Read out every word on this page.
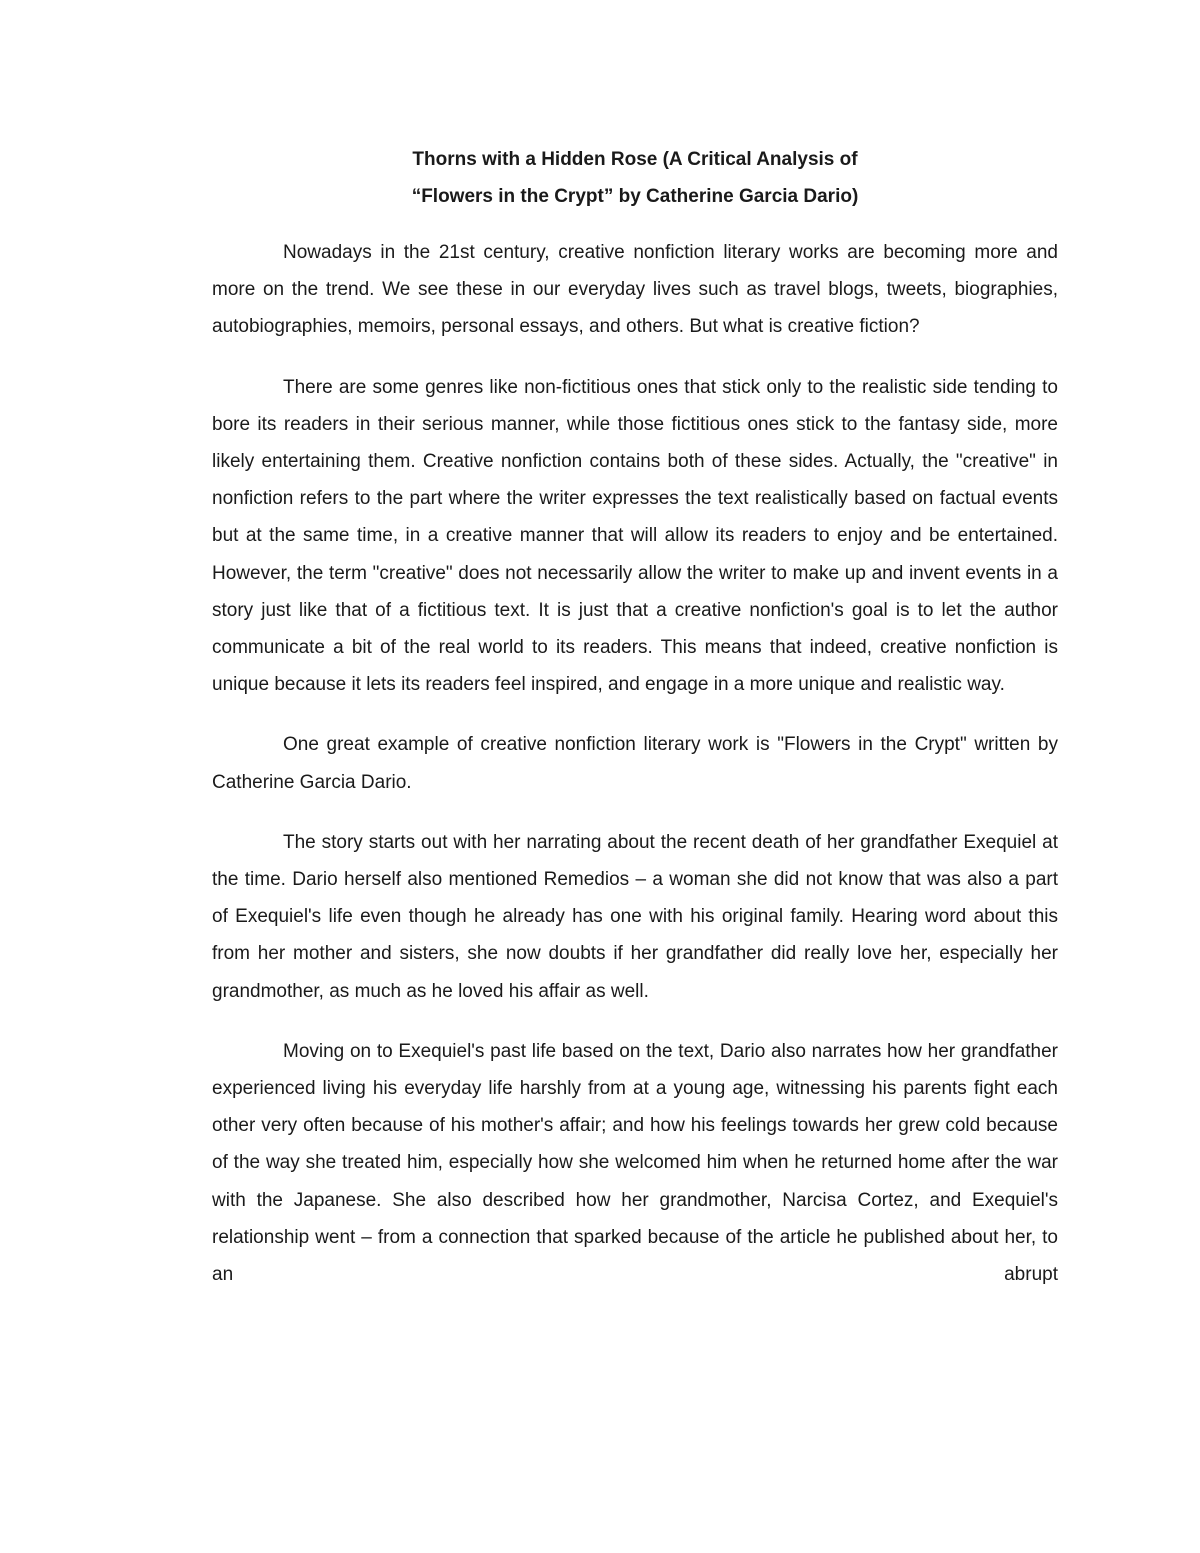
Thorns with a Hidden Rose (A Critical Analysis of
“Flowers in the Crypt” by Catherine Garcia Dario)

Nowadays in the 21st century, creative nonfiction literary works are becoming more and more on the trend. We see these in our everyday lives such as travel blogs, tweets, biographies, autobiographies, memoirs, personal essays, and others. But what is creative fiction?

There are some genres like non-fictitious ones that stick only to the realistic side tending to bore its readers in their serious manner, while those fictitious ones stick to the fantasy side, more likely entertaining them. Creative nonfiction contains both of these sides. Actually, the "creative" in nonfiction refers to the part where the writer expresses the text realistically based on factual events but at the same time, in a creative manner that will allow its readers to enjoy and be entertained. However, the term "creative" does not necessarily allow the writer to make up and invent events in a story just like that of a fictitious text. It is just that a creative nonfiction's goal is to let the author communicate a bit of the real world to its readers. This means that indeed, creative nonfiction is unique because it lets its readers feel inspired, and engage in a more unique and realistic way.

One great example of creative nonfiction literary work is "Flowers in the Crypt" written by Catherine Garcia Dario.

The story starts out with her narrating about the recent death of her grandfather Exequiel at the time. Dario herself also mentioned Remedios – a woman she did not know that was also a part of Exequiel's life even though he already has one with his original family. Hearing word about this from her mother and sisters, she now doubts if her grandfather did really love her, especially her grandmother, as much as he loved his affair as well.

Moving on to Exequiel's past life based on the text, Dario also narrates how her grandfather experienced living his everyday life harshly from at a young age, witnessing his parents fight each other very often because of his mother's affair; and how his feelings towards her grew cold because of the way she treated him, especially how she welcomed him when he returned home after the war with the Japanese. She also described how her grandmother, Narcisa Cortez, and Exequiel's relationship went – from a connection that sparked because of the article he published about her, to an abrupt
